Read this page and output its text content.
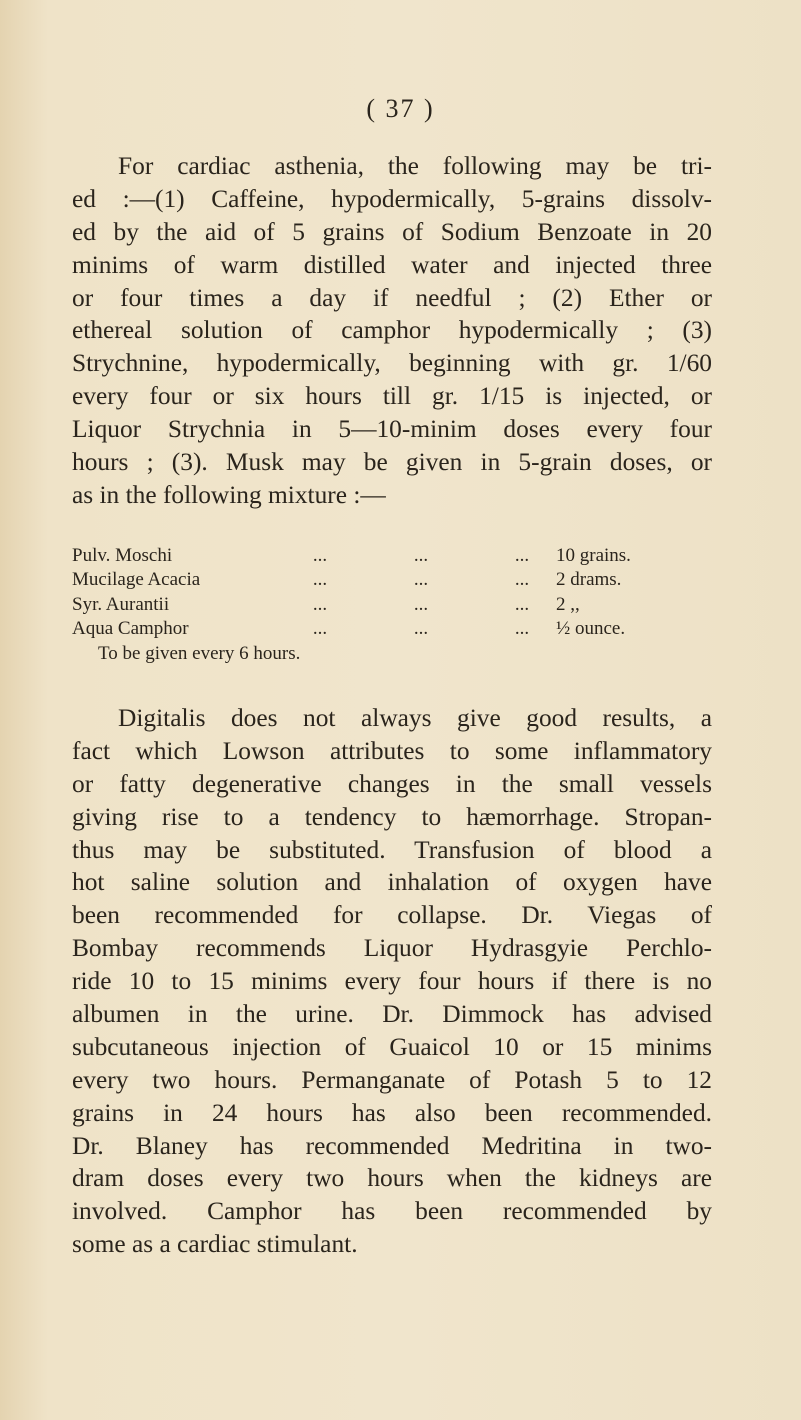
( 37 )
For cardiac asthenia, the following may be tri-
ed :—(1) Caffeine, hypodermically, 5-grains dissolv-
ed by the aid of 5 grains of Sodium Benzoate in 20
minims of warm distilled water and injected three
or four times a day if needful ; (2) Ether or
ethereal solution of camphor hypodermically ; (3)
Strychnine, hypodermically, beginning with gr. 1/60
every four or six hours till gr. 1/15 is injected, or
Liquor Strychnia in 5—10-minim doses every four
hours ; (3). Musk may be given in 5-grain doses, or
as in the following mixture :—
Pulv. Moschi	...	...	...	10 grains.
Mucilage Acacia	...	...	...	2 drams.
Syr. Aurantii	...	...	...	2 ,,
Aqua Camphor	...	...	...	½ ounce.
To be given every 6 hours.
Digitalis does not always give good results, a
fact which Lowson attributes to some inflammatory
or fatty degenerative changes in the small vessels
giving rise to a tendency to hæmorrhage. Stropan-
thus may be substituted. Transfusion of blood a
hot saline solution and inhalation of oxygen have
been recommended for collapse. Dr. Viegas of
Bombay recommends Liquor Hydrasgyie Perchlo-
ride 10 to 15 minims every four hours if there is no
albumen in the urine. Dr. Dimmock has advised
subcutaneous injection of Guaicol 10 or 15 minims
every two hours. Permanganate of Potash 5 to 12
grains in 24 hours has also been recommended.
Dr. Blaney has recommended Medritina in two-
dram doses every two hours when the kidneys are
involved. Camphor has been recommended by
some as a cardiac stimulant.
